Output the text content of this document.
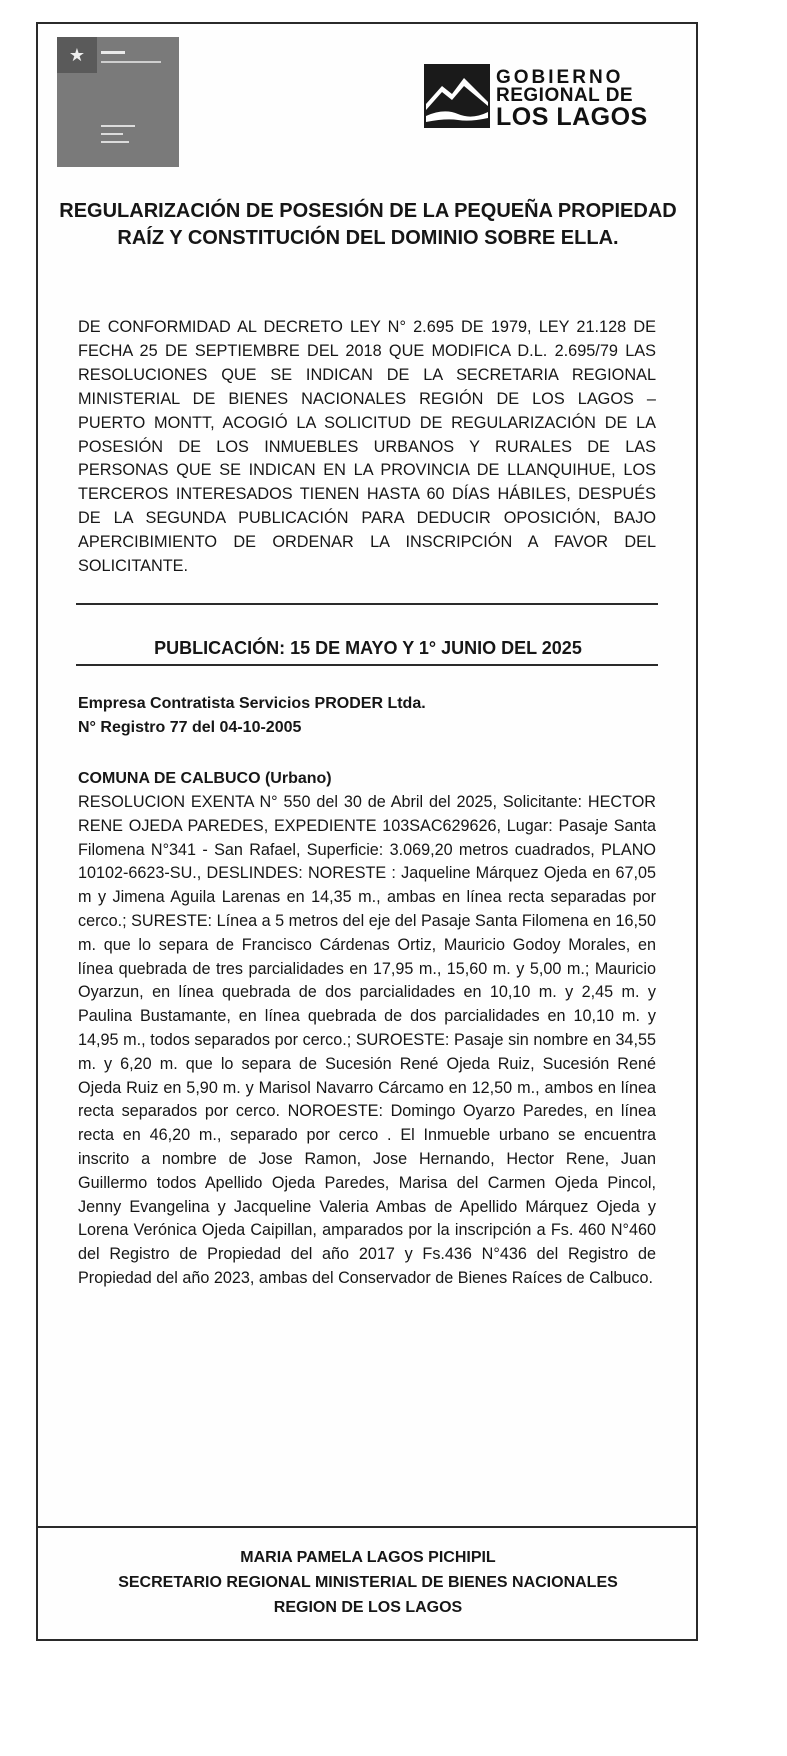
★
GOBIERNO
REGIONAL DE
LOS LAGOS
REGULARIZACIÓN DE POSESIÓN DE LA PEQUEÑA PROPIEDAD RAÍZ Y CONSTITUCIÓN DEL DOMINIO SOBRE ELLA.
DE CONFORMIDAD AL DECRETO LEY N° 2.695 DE 1979, LEY 21.128 DE FECHA 25 DE SEPTIEMBRE DEL 2018 QUE MODIFICA D.L. 2.695/79 LAS RESOLUCIONES QUE SE INDICAN DE LA SECRETARIA REGIONAL MINISTERIAL DE BIENES NACIONALES REGIÓN DE LOS LAGOS – PUERTO MONTT, ACOGIÓ LA SOLICITUD DE REGULARIZACIÓN DE LA POSESIÓN DE LOS INMUEBLES URBANOS Y RURALES DE LAS PERSONAS QUE SE INDICAN EN LA PROVINCIA DE LLANQUIHUE, LOS TERCEROS INTERESADOS TIENEN HASTA 60 DÍAS HÁBILES, DESPUÉS DE LA SEGUNDA PUBLICACIÓN PARA DEDUCIR OPOSICIÓN, BAJO APERCIBIMIENTO DE ORDENAR LA INSCRIPCIÓN A FAVOR DEL SOLICITANTE.
PUBLICACIÓN: 15 DE MAYO Y 1° JUNIO DEL 2025
Empresa Contratista Servicios PRODER Ltda.
N° Registro 77 del 04-10-2005
COMUNA DE CALBUCO (Urbano)
RESOLUCION EXENTA N° 550 del 30 de Abril del 2025, Solicitante: HECTOR RENE OJEDA PAREDES, EXPEDIENTE 103SAC629626, Lugar: Pasaje Santa Filomena N°341 - San Rafael, Superficie: 3.069,20 metros cuadrados, PLANO 10102-6623-SU., DESLINDES: NORESTE : Jaqueline Márquez Ojeda en 67,05 m y Jimena Aguila Larenas en 14,35 m., ambas en línea recta separadas por cerco.; SURESTE: Línea a 5 metros del eje del Pasaje Santa Filomena en 16,50 m. que lo separa de Francisco Cárdenas Ortiz, Mauricio Godoy Morales, en línea quebrada de tres parcialidades en 17,95 m., 15,60 m. y 5,00 m.; Mauricio Oyarzun, en línea quebrada de dos parcialidades en 10,10 m. y 2,45 m. y Paulina Bustamante, en línea quebrada de dos parcialidades en 10,10 m. y 14,95 m., todos separados por cerco.; SUROESTE: Pasaje sin nombre en 34,55 m. y 6,20 m. que lo separa de Sucesión René Ojeda Ruiz, Sucesión René Ojeda Ruiz en 5,90 m. y Marisol Navarro Cárcamo en 12,50 m., ambos en línea recta separados por cerco. NOROESTE: Domingo Oyarzo Paredes, en línea recta en 46,20 m., separado por cerco . El Inmueble urbano se encuentra inscrito a nombre de Jose Ramon, Jose Hernando, Hector Rene, Juan Guillermo todos Apellido Ojeda Paredes, Marisa del Carmen Ojeda Pincol, Jenny Evangelina y Jacqueline Valeria Ambas de Apellido Márquez Ojeda y Lorena Verónica Ojeda Caipillan, amparados por la inscripción a Fs. 460 N°460 del Registro de Propiedad del año 2017 y Fs.436 N°436 del Registro de Propiedad del año 2023, ambas del Conservador de Bienes Raíces de Calbuco.
MARIA PAMELA LAGOS PICHIPIL
SECRETARIO REGIONAL MINISTERIAL DE BIENES NACIONALES
REGION DE LOS LAGOS
